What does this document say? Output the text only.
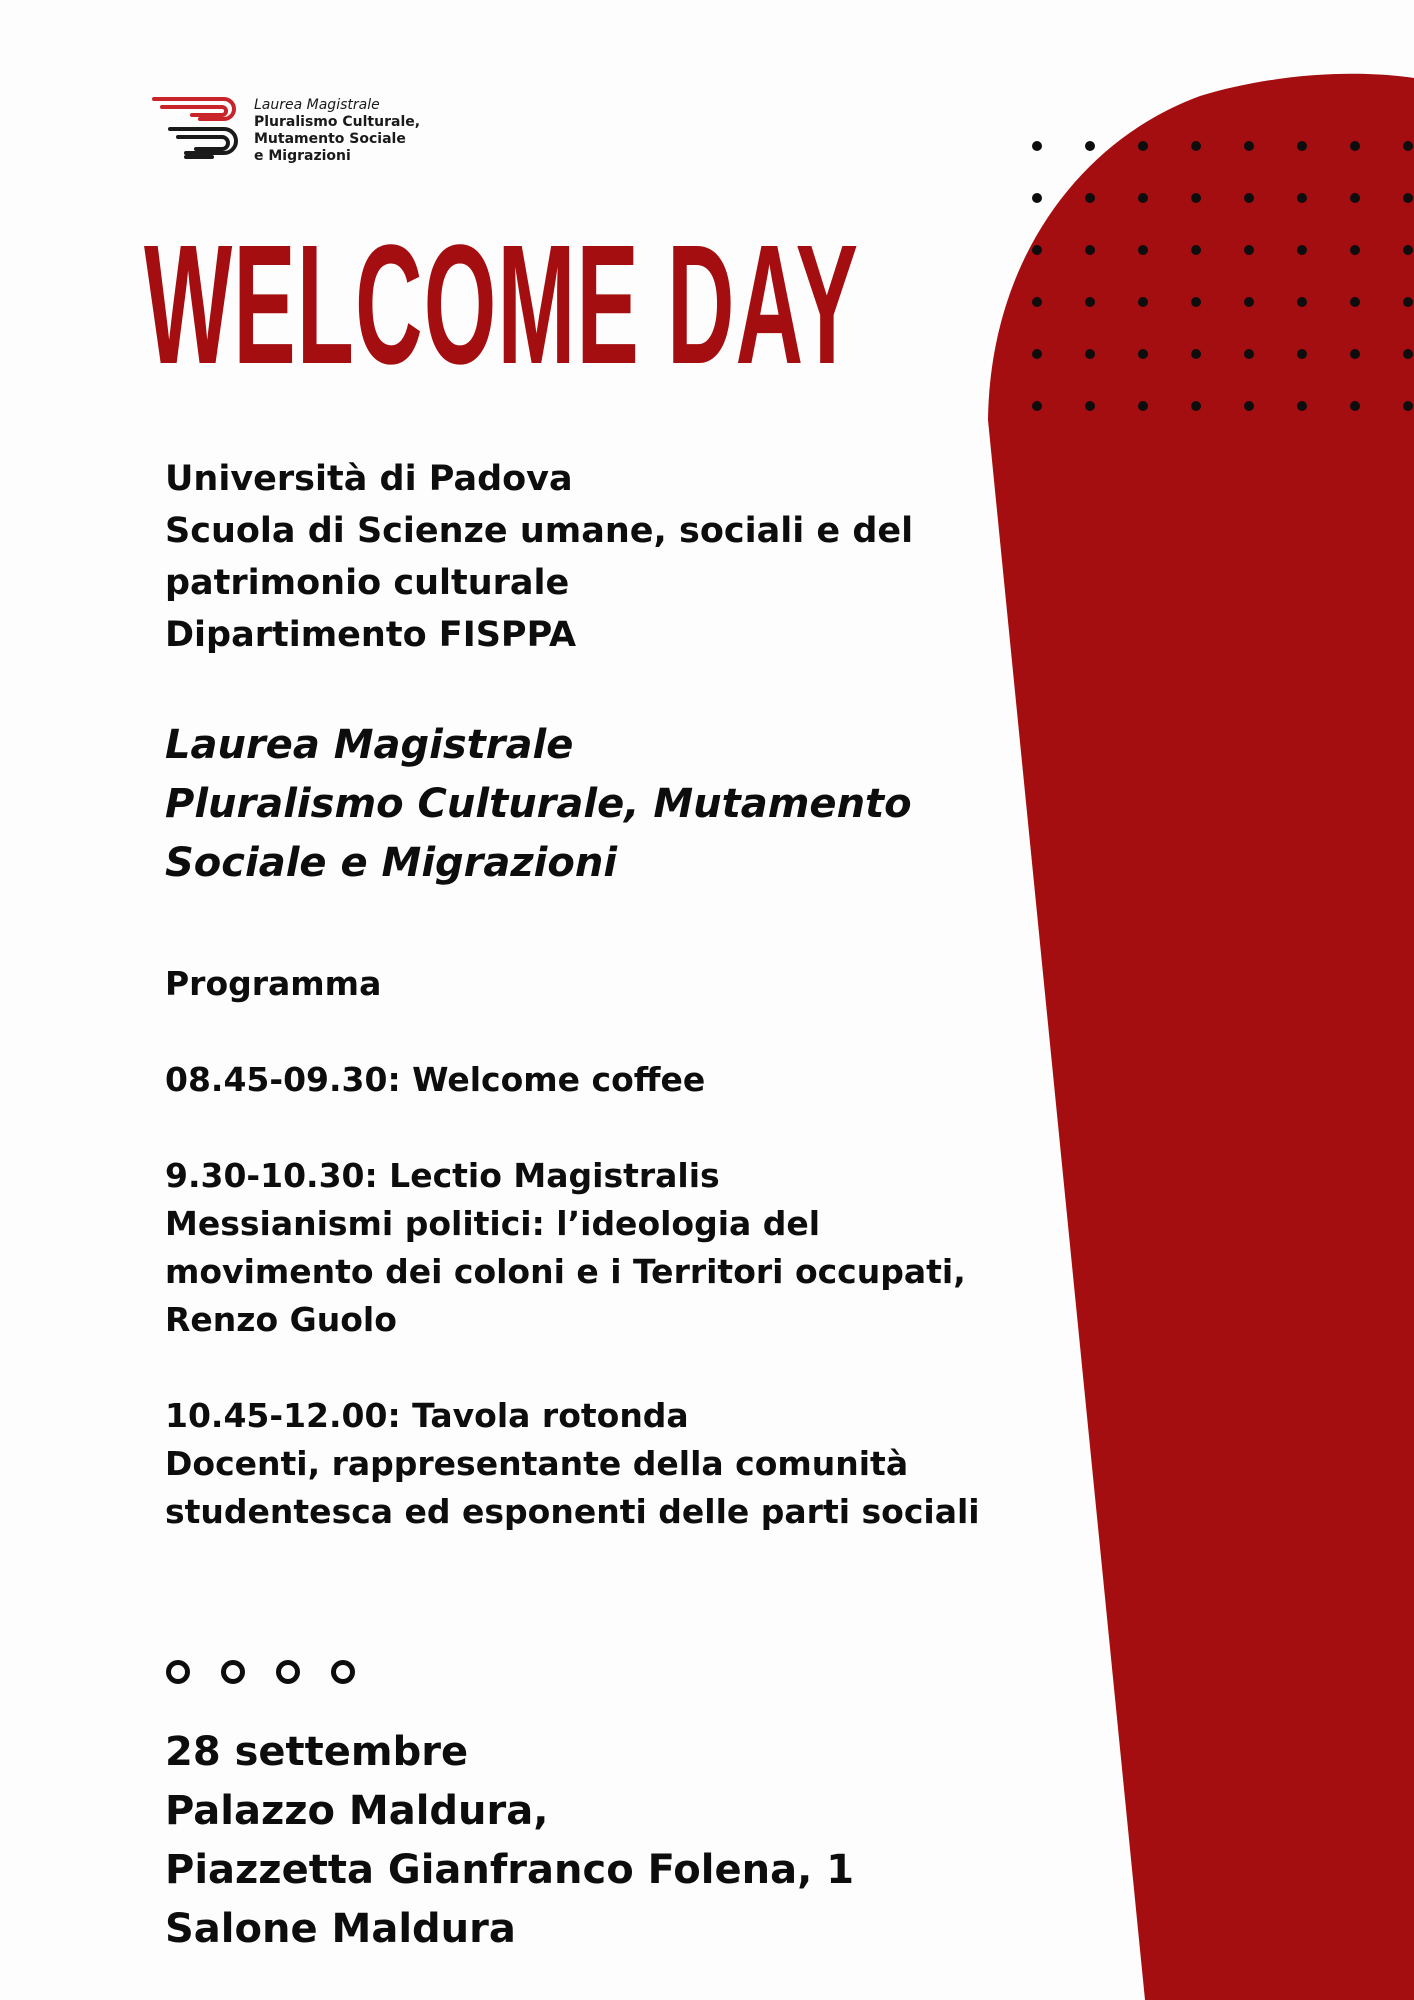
Laurea Magistrale
Pluralismo Culturale,
Mutamento Sociale
e Migrazioni
WELCOME DAY
Università di Padova
Scuola di Scienze umane, sociali e del
patrimonio culturale
Dipartimento FISPPA
Laurea Magistrale
Pluralismo Culturale, Mutamento
Sociale e Migrazioni
Programma
08.45-09.30: Welcome coffee
9.30-10.30: Lectio Magistralis
Messianismi politici: l’ideologia del
movimento dei coloni e i Territori occupati,
Renzo Guolo
10.45-12.00: Tavola rotonda
Docenti, rappresentante della comunità
studentesca ed esponenti delle parti sociali
28 settembre
Palazzo Maldura,
Piazzetta Gianfranco Folena, 1
Salone Maldura
